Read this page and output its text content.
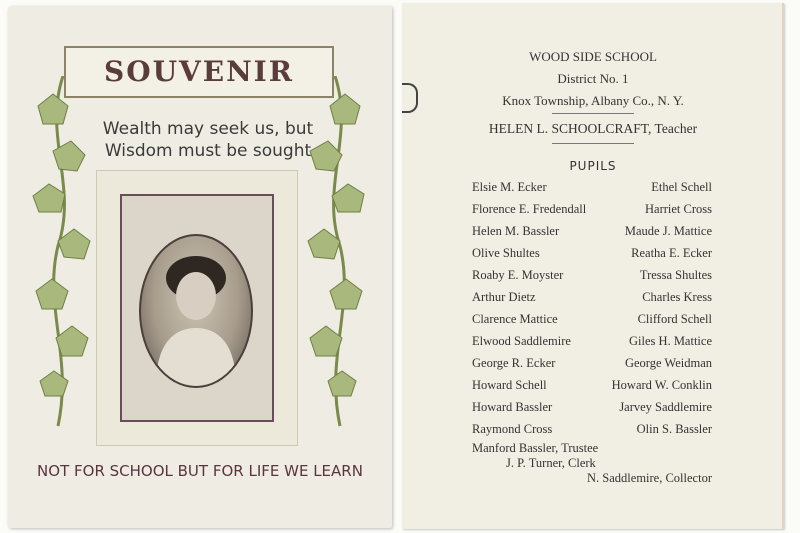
SOUVENIR
Wealth may seek us, but
Wisdom must be sought
NOT FOR SCHOOL BUT FOR LIFE WE LEARN
WOOD SIDE SCHOOL
District No. 1
Knox Township, Albany Co., N. Y.
HELEN L. SCHOOLCRAFT, Teacher
PUPILS
Elsie M. Ecker	Ethel Schell
Florence E. Fredendall	Harriet Cross
Helen M. Bassler	Maude J. Mattice
Olive Shultes	Reatha E. Ecker
Roaby E. Moyster	Tressa Shultes
Arthur Dietz	Charles Kress
Clarence Mattice	Clifford Schell
Elwood Saddlemire	Giles H. Mattice
George R. Ecker	George Weidman
Howard Schell	Howard W. Conklin
Howard Bassler	Jarvey Saddlemire
Raymond Cross	Olin S. Bassler
Manford Bassler, Trustee
J. P. Turner, Clerk
N. Saddlemire, Collector
